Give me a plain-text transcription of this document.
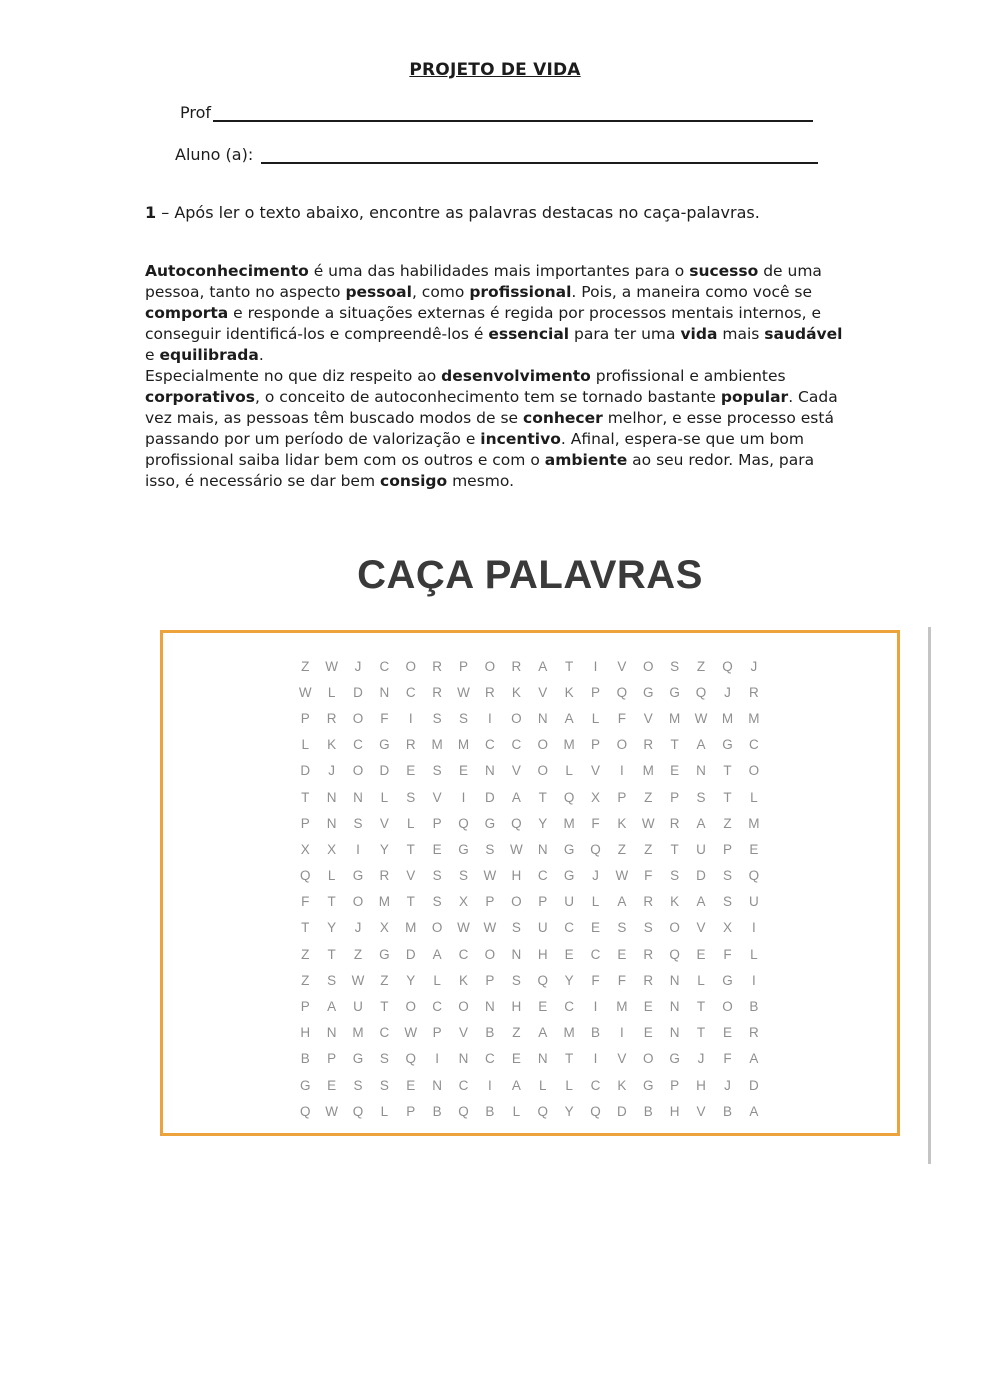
PROJETO DE VIDA
Prof
Aluno (a):

1 – Após ler o texto abaixo, encontre as palavras destacas no caça-palavras.

Autoconhecimento é uma das habilidades mais importantes para o sucesso de uma pessoa, tanto no aspecto pessoal, como profissional. Pois, a maneira como você se comporta e responde a situações externas é regida por processos mentais internos, e conseguir identificá-los e compreendê-los é essencial para ter uma vida mais saudável e equilibrada.
Especialmente no que diz respeito ao desenvolvimento profissional e ambientes corporativos, o conceito de autoconhecimento tem se tornado bastante popular. Cada vez mais, as pessoas têm buscado modos de se conhecer melhor, e esse processo está passando por um período de valorização e incentivo. Afinal, espera-se que um bom profissional saiba lidar bem com os outros e com o ambiente ao seu redor. Mas, para isso, é necessário se dar bem consigo mesmo.

CAÇA PALAVRAS
Z W J C O R P O R A T I V O S Z Q J
W L D N C R W R K V K P Q G G Q J R
P R O F I S S I O N A L F V M W M M
L K C G R M M C C O M P O R T A G C
D J O D E S E N V O L V I M E N T O
T N N L S V I D A T Q X P Z P S T L
P N S V L P Q G Q Y M F K W R A Z M
X X I Y T E G S W N G Q Z Z T U P E
Q L G R V S S W H C G J W F S D S Q
F T O M T S X P O P U L A R K A S U
T Y J X M O W W S U C E S S O V X I
Z T Z G D A C O N H E C E R Q E F L
Z S W Z Y L K P S Q Y F F R N L G I
P A U T O C O N H E C I M E N T O B
H N M C W P V B Z A M B I E N T E R
B P G S Q I N C E N T I V O G J F A
G E S S E N C I A L L C K G P H J D
Q W Q L P B Q B L Q Y Q D B H V B A
